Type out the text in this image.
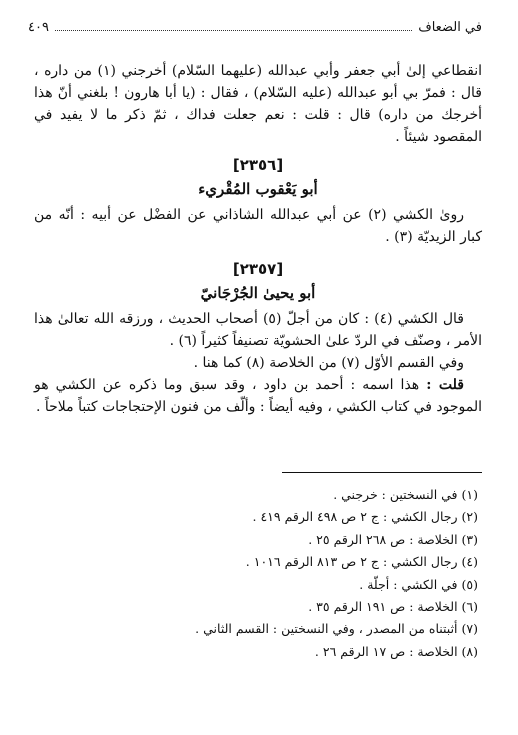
في الضعاف
٤٠٩

انقطاعي إلىٰ أبي جعفر وأبي عبدالله (عليهما السّلام) أخرجني (١) من داره ، قال : فمرّ بي أبو عبدالله (عليه السّلام) ، فقال : (يا أبا هارون ! بلغني أنّ هذا أخرجك من داره) قال : قلت : نعم جعلت فداك ، ثمّ ذكر ما لا يفيد في المقصود شيئاً .

[٢٣٥٦]
أبو يَعْقوب المُقْريء

روىٰ الكشي (٢) عن أبي عبدالله الشاذاني عن الفضْل عن أبيه : أنّه من كبار الزيديّة (٣) .

[٢٣٥٧]
أبو يحيىٰ الجُرْجَانيّ

قال الكشي (٤) : كان من أجلّ (٥) أصحاب الحديث ، ورزقه الله تعالىٰ هذا الأمر ، وصنّف في الردّ علىٰ الحشويّة تصنيفاً كثيراً (٦) .

وفي القسم الأوّل (٧) من الخلاصة (٨) كما هنا .

قلت : هذا اسمه : أحمد بن داود ، وقد سبق وما ذكره عن الكشي هو الموجود في كتاب الكشي ، وفيه أيضاً : وألّف من فنون الإحتجاجات كتباً ملاحاً .

(١) في النسختين : خرجني .
(٢) رجال الكشي : ج ٢ ص ٤٩٨ الرقم ٤١٩ .
(٣) الخلاصة : ص ٢٦٨ الرقم ٢٥ .
(٤) رجال الكشي : ج ٢ ص ٨١٣ الرقم ١٠١٦ .
(٥) في الكشي : أجلّة .
(٦) الخلاصة : ص ١٩١ الرقم ٣٥ .
(٧) أثبتناه من المصدر ، وفي النسختين : القسم الثاني .
(٨) الخلاصة : ص ١٧ الرقم ٢٦ .
